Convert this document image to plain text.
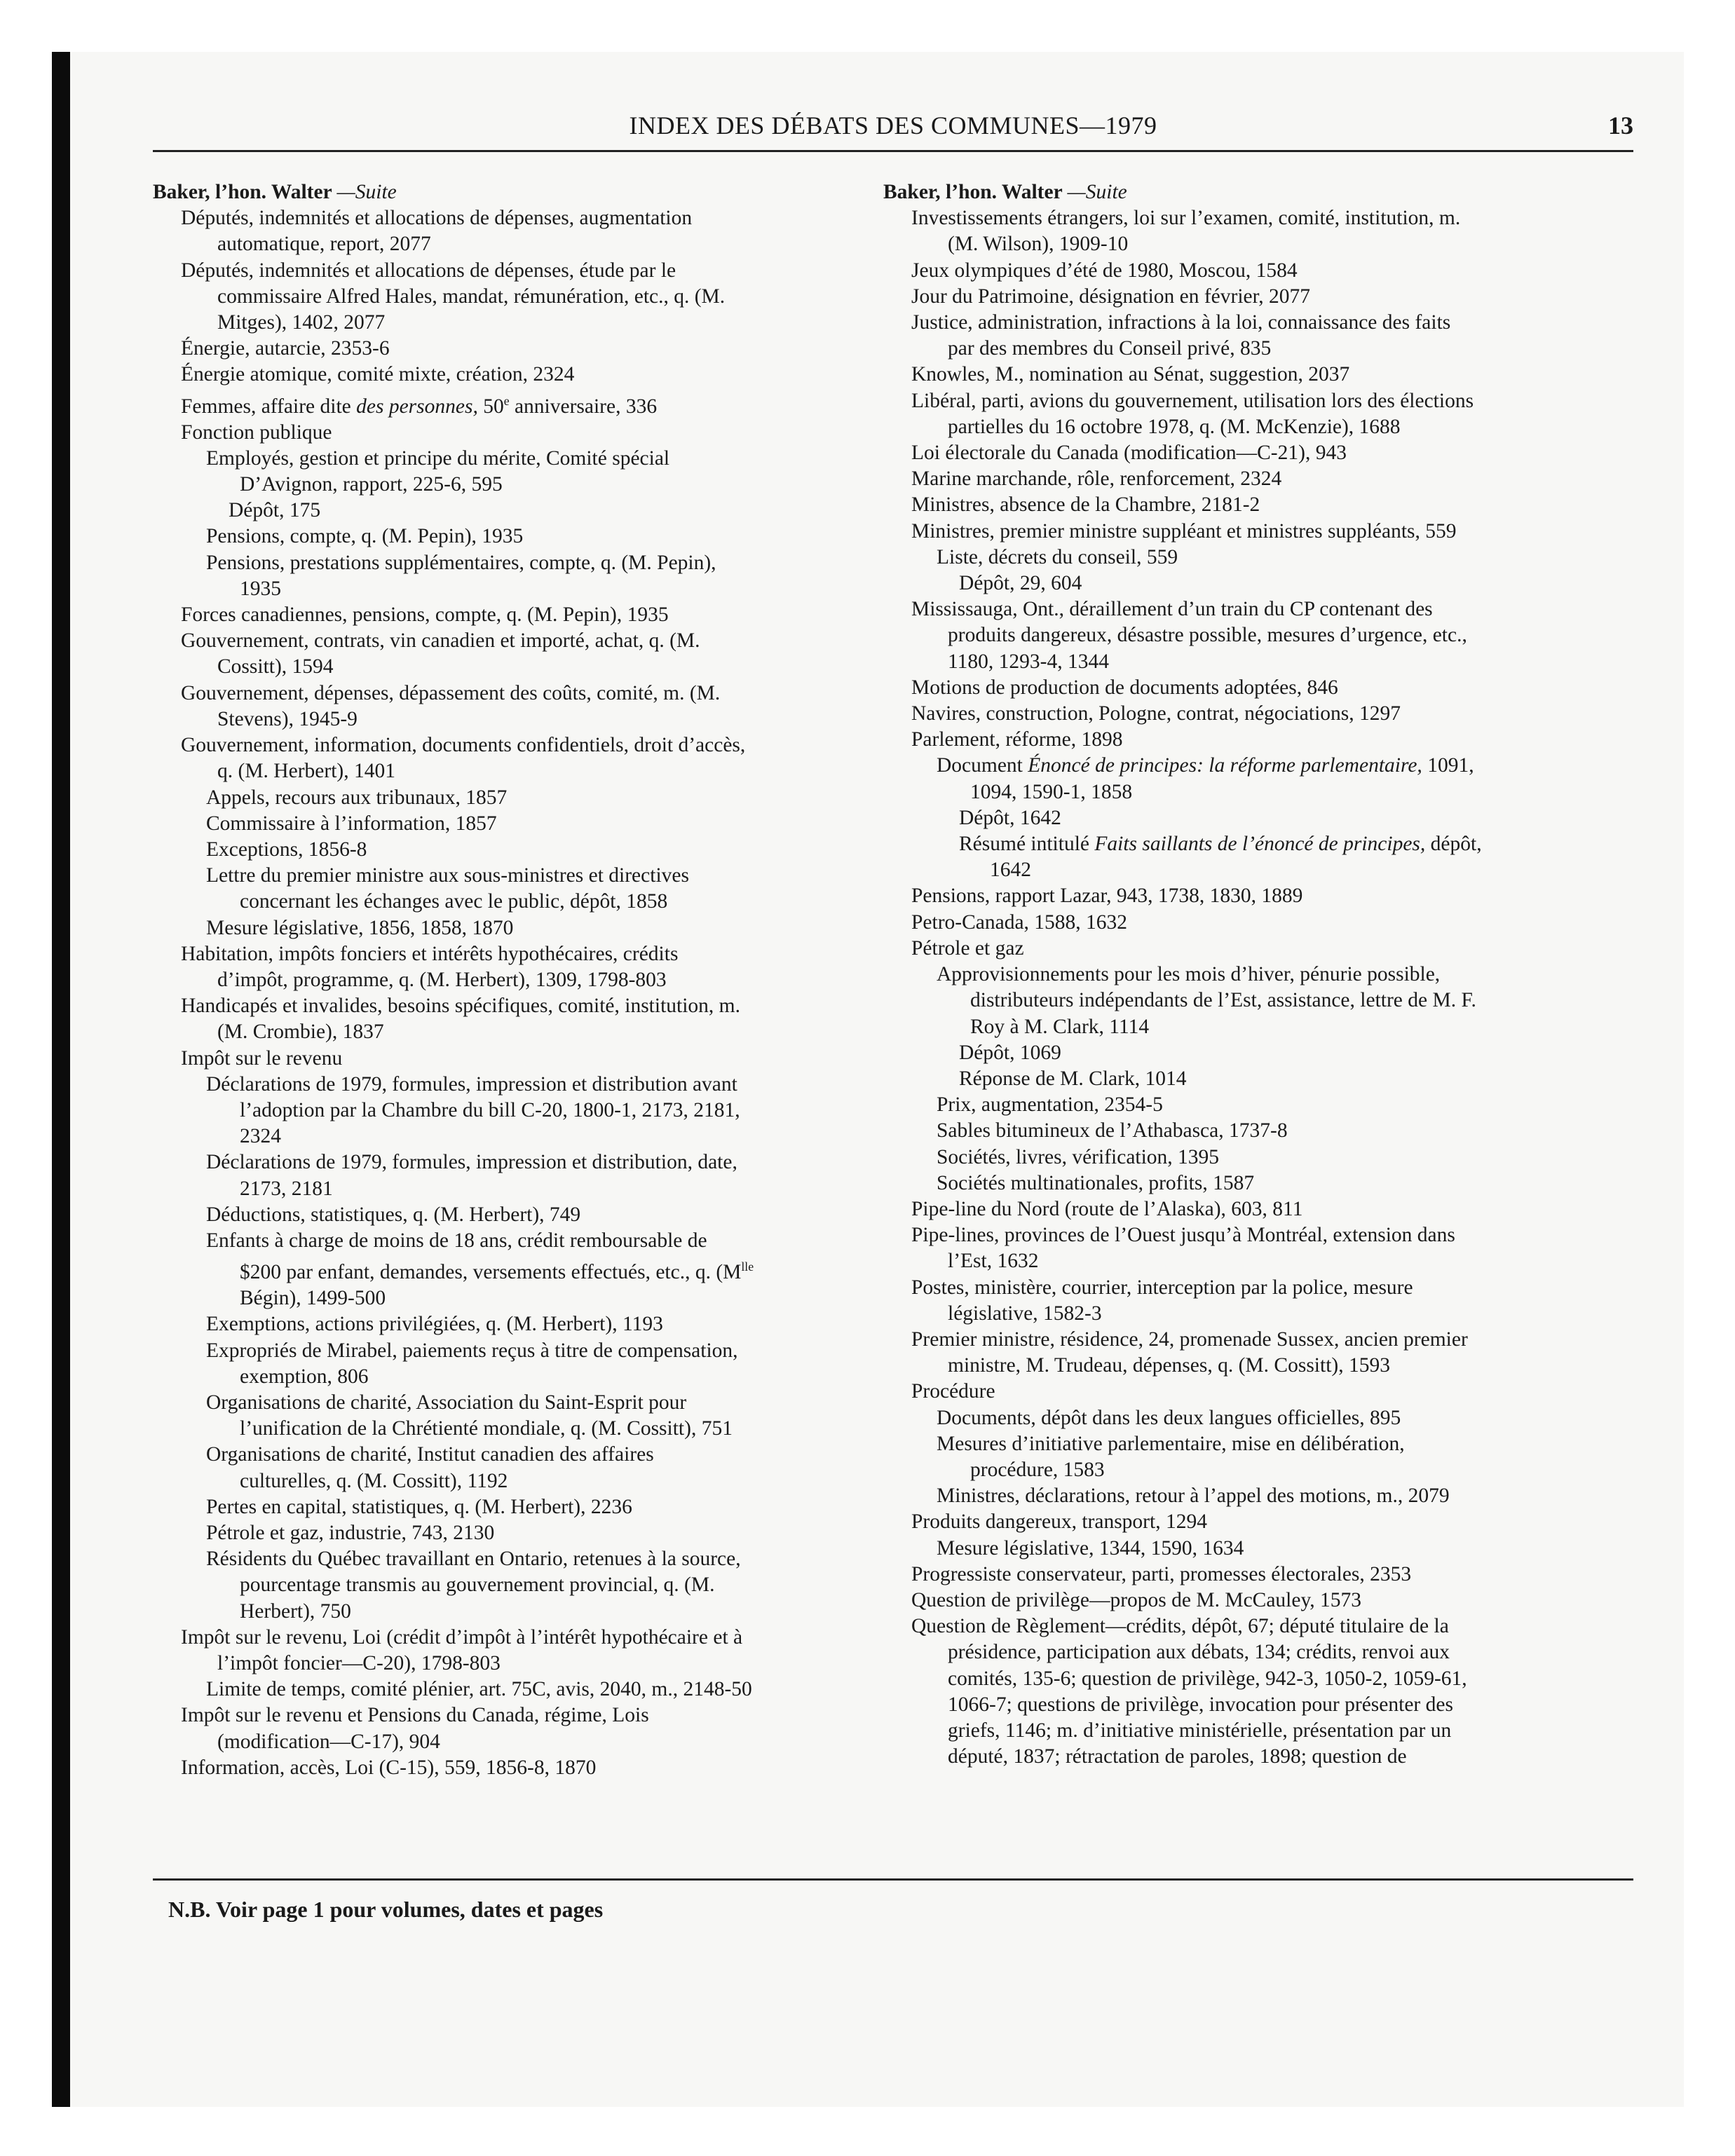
INDEX DES DÉBATS DES COMMUNES—1979	13
Baker, l’hon. Walter —Suite
Députés, indemnités et allocations de dépenses, augmentation
automatique, report, 2077
Députés, indemnités et allocations de dépenses, étude par le
commissaire Alfred Hales, mandat, rémunération, etc., q. (M.
Mitges), 1402, 2077
Énergie, autarcie, 2353-6
Énergie atomique, comité mixte, création, 2324
Femmes, affaire dite des personnes, 50e anniversaire, 336
Fonction publique
Employés, gestion et principe du mérite, Comité spécial
D’Avignon, rapport, 225-6, 595
Dépôt, 175
Pensions, compte, q. (M. Pepin), 1935
Pensions, prestations supplémentaires, compte, q. (M. Pepin),
1935
Forces canadiennes, pensions, compte, q. (M. Pepin), 1935
Gouvernement, contrats, vin canadien et importé, achat, q. (M.
Cossitt), 1594
Gouvernement, dépenses, dépassement des coûts, comité, m. (M.
Stevens), 1945-9
Gouvernement, information, documents confidentiels, droit d’accès,
q. (M. Herbert), 1401
Appels, recours aux tribunaux, 1857
Commissaire à l’information, 1857
Exceptions, 1856-8
Lettre du premier ministre aux sous-ministres et directives
concernant les échanges avec le public, dépôt, 1858
Mesure législative, 1856, 1858, 1870
Habitation, impôts fonciers et intérêts hypothécaires, crédits
d’impôt, programme, q. (M. Herbert), 1309, 1798-803
Handicapés et invalides, besoins spécifiques, comité, institution, m.
(M. Crombie), 1837
Impôt sur le revenu
Déclarations de 1979, formules, impression et distribution avant
l’adoption par la Chambre du bill C-20, 1800-1, 2173, 2181,
2324
Déclarations de 1979, formules, impression et distribution, date,
2173, 2181
Déductions, statistiques, q. (M. Herbert), 749
Enfants à charge de moins de 18 ans, crédit remboursable de
$200 par enfant, demandes, versements effectués, etc., q. ($M^{lle}$
Bégin), 1499-500
Exemptions, actions privilégiées, q. (M. Herbert), 1193
Expropriés de Mirabel, paiements reçus à titre de compensation,
exemption, 806
Organisations de charité, Association du Saint-Esprit pour
l’unification de la Chrétienté mondiale, q. (M. Cossitt), 751
Organisations de charité, Institut canadien des affaires
culturelles, q. (M. Cossitt), 1192
Pertes en capital, statistiques, q. (M. Herbert), 2236
Pétrole et gaz, industrie, 743, 2130
Résidents du Québec travaillant en Ontario, retenues à la source,
pourcentage transmis au gouvernement provincial, q. (M.
Herbert), 750
Impôt sur le revenu, Loi (crédit d’impôt à l’intérêt hypothécaire et à
l’impôt foncier—C-20), 1798-803
Limite de temps, comité plénier, art. 75C, avis, 2040, m., 2148-50
Impôt sur le revenu et Pensions du Canada, régime, Lois
(modification—C-17), 904
Information, accès, Loi (C-15), 559, 1856-8, 1870
Baker, l’hon. Walter —Suite
Investissements étrangers, loi sur l’examen, comité, institution, m.
(M. Wilson), 1909-10
Jeux olympiques d’été de 1980, Moscou, 1584
Jour du Patrimoine, désignation en février, 2077
Justice, administration, infractions à la loi, connaissance des faits
par des membres du Conseil privé, 835
Knowles, M., nomination au Sénat, suggestion, 2037
Libéral, parti, avions du gouvernement, utilisation lors des élections
partielles du 16 octobre 1978, q. (M. McKenzie), 1688
Loi électorale du Canada (modification—C-21), 943
Marine marchande, rôle, renforcement, 2324
Ministres, absence de la Chambre, 2181-2
Ministres, premier ministre suppléant et ministres suppléants, 559
Liste, décrets du conseil, 559
Dépôt, 29, 604
Mississauga, Ont., déraillement d’un train du CP contenant des
produits dangereux, désastre possible, mesures d’urgence, etc.,
1180, 1293-4, 1344
Motions de production de documents adoptées, 846
Navires, construction, Pologne, contrat, négociations, 1297
Parlement, réforme, 1898
Document Énoncé de principes: la réforme parlementaire, 1091,
1094, 1590-1, 1858
Dépôt, 1642
Résumé intitulé Faits saillants de l’énoncé de principes, dépôt,
1642
Pensions, rapport Lazar, 943, 1738, 1830, 1889
Petro-Canada, 1588, 1632
Pétrole et gaz
Approvisionnements pour les mois d’hiver, pénurie possible,
distributeurs indépendants de l’Est, assistance, lettre de M. F.
Roy à M. Clark, 1114
Dépôt, 1069
Réponse de M. Clark, 1014
Prix, augmentation, 2354-5
Sables bitumineux de l’Athabasca, 1737-8
Sociétés, livres, vérification, 1395
Sociétés multinationales, profits, 1587
Pipe-line du Nord (route de l’Alaska), 603, 811
Pipe-lines, provinces de l’Ouest jusqu’à Montréal, extension dans
l’Est, 1632
Postes, ministère, courrier, interception par la police, mesure
législative, 1582-3
Premier ministre, résidence, 24, promenade Sussex, ancien premier
ministre, M. Trudeau, dépenses, q. (M. Cossitt), 1593
Procédure
Documents, dépôt dans les deux langues officielles, 895
Mesures d’initiative parlementaire, mise en délibération,
procédure, 1583
Ministres, déclarations, retour à l’appel des motions, m., 2079
Produits dangereux, transport, 1294
Mesure législative, 1344, 1590, 1634
Progressiste conservateur, parti, promesses électorales, 2353
Question de privilège—propos de M. McCauley, 1573
Question de Règlement—crédits, dépôt, 67; député titulaire de la
présidence, participation aux débats, 134; crédits, renvoi aux
comités, 135-6; question de privilège, 942-3, 1050-2, 1059-61,
1066-7; questions de privilège, invocation pour présenter des
griefs, 1146; m. d’initiative ministérielle, présentation par un
député, 1837; rétractation de paroles, 1898; question de
N.B. Voir page 1 pour volumes, dates et pages
